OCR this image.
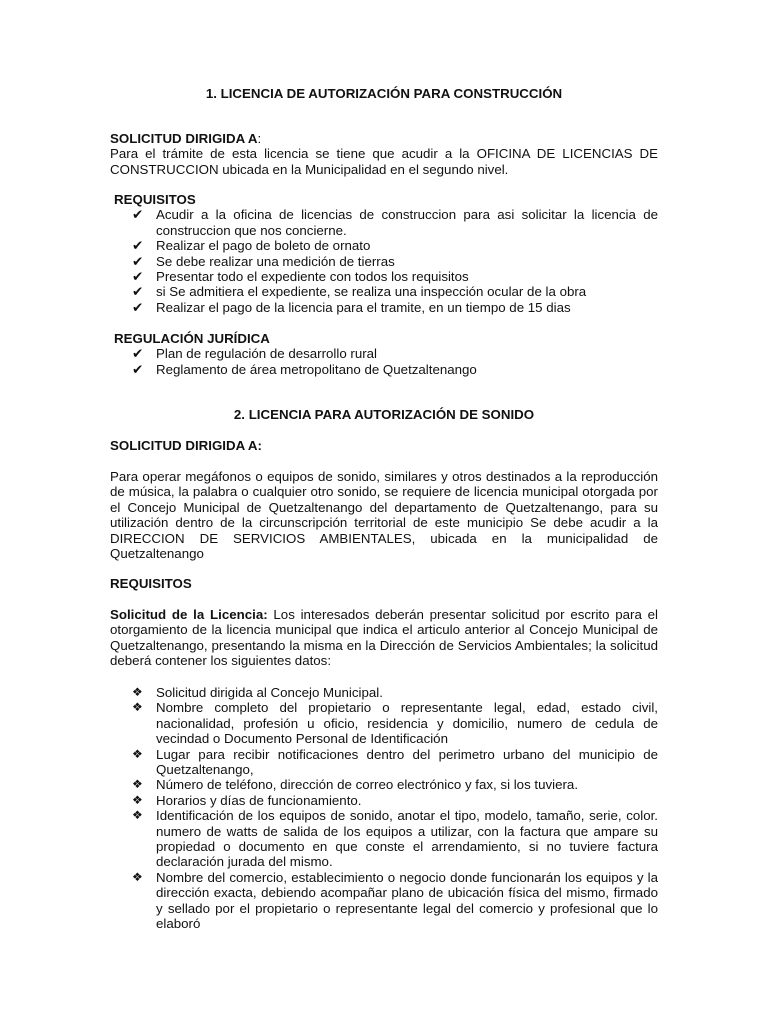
1. LICENCIA DE AUTORIZACIÓN PARA CONSTRUCCIÓN
SOLICITUD DIRIGIDA A:
Para el trámite de esta licencia se tiene que acudir a la OFICINA DE LICENCIAS DE CONSTRUCCION ubicada en la Municipalidad en el segundo nivel.
REQUISITOS
✔ Acudir a la oficina de licencias de construccion para asi solicitar la licencia de construccion que nos concierne.
✔ Realizar el pago de boleto de ornato
✔ Se debe realizar una medición de tierras
✔ Presentar todo el expediente con todos los requisitos
✔ si Se admitiera el expediente, se realiza una inspección ocular de la obra
✔ Realizar el pago de la licencia para el tramite, en un tiempo de 15 dias
REGULACIÓN JURÍDICA
✔ Plan de regulación de desarrollo rural
✔ Reglamento de área metropolitano de Quetzaltenango
2. LICENCIA PARA AUTORIZACIÓN DE SONIDO
SOLICITUD DIRIGIDA A:
Para operar megáfonos o equipos de sonido, similares y otros destinados a la reproducción de música, la palabra o cualquier otro sonido, se requiere de licencia municipal otorgada por el Concejo Municipal de Quetzaltenango del departamento de Quetzaltenango, para su utilización dentro de la circunscripción territorial de este municipio Se debe acudir a la DIRECCION DE SERVICIOS AMBIENTALES, ubicada en la municipalidad de Quetzaltenango
REQUISITOS
Solicitud de la Licencia: Los interesados deberán presentar solicitud por escrito para el otorgamiento de la licencia municipal que indica el articulo anterior al Concejo Municipal de Quetzaltenango, presentando la misma en la Dirección de Servicios Ambientales; la solicitud deberá contener los siguientes datos:
❖ Solicitud dirigida al Concejo Municipal.
❖ Nombre completo del propietario o representante legal, edad, estado civil, nacionalidad, profesión u oficio, residencia y domicilio, numero de cedula de vecindad o Documento Personal de Identificación
❖ Lugar para recibir notificaciones dentro del perimetro urbano del municipio de Quetzaltenango,
❖ Número de teléfono, dirección de correo electrónico y fax, si los tuviera.
❖ Horarios y días de funcionamiento.
❖ Identificación de los equipos de sonido, anotar el tipo, modelo, tamaño, serie, color. numero de watts de salida de los equipos a utilizar, con la factura que ampare su propiedad o documento en que conste el arrendamiento, si no tuviere factura declaración jurada del mismo.
❖ Nombre del comercio, establecimiento o negocio donde funcionarán los equipos y la dirección exacta, debiendo acompañar plano de ubicación física del mismo, firmado y sellado por el propietario o representante legal del comercio y profesional que lo elaboró
